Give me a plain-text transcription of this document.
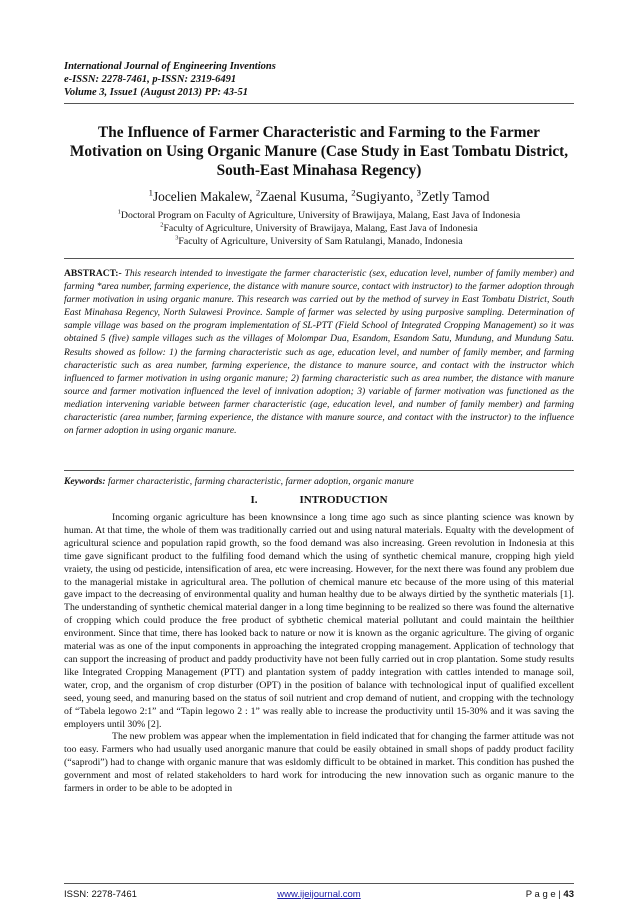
International Journal of Engineering Inventions
e-ISSN: 2278-7461, p-ISSN: 2319-6491
Volume 3, Issue1 (August 2013) PP: 43-51
The Influence of Farmer Characteristic and Farming to the Farmer Motivation on Using Organic Manure (Case Study in East Tombatu District, South-East Minahasa Regency)
$^1$Jocelien Makalew, $^2$Zaenal Kusuma, $^2$Sugiyanto, $^3$Zetly Tamod
$^1$Doctoral Program on Faculty of Agriculture, University of Brawijaya, Malang, East Java of Indonesia
$^2$Faculty of Agriculture, University of Brawijaya, Malang, East Java of Indonesia
$^3$Faculty of Agriculture, University of Sam Ratulangi, Manado, Indonesia
ABSTRACT:- This research intended to investigate the farmer characteristic (sex, education level, number of family member) and farming *area number, farming experience, the distance with manure source, contact with instructor) to the farmer adoption through farmer motivation in using organic manure. This research was carried out by the method of survey in East Tombatu District, South East Minahasa Regency, North Sulawesi Province. Sample of farmer was selected by using purposive sampling. Determination of sample village was based on the program implementation of SL-PTT (Field School of Integrated Cropping Management) so it was obtained 5 (five) sample villages such as the villages of Molompar Dua, Esandom, Esandom Satu, Mundung, and Mundung Satu. Results showed as follow: 1) the farming characteristic such as age, education level, and number of family member, and farming characteristic such as area number, farming experience, the distance to manure source, and contact with the instructor which influenced to farmer motivation in using organic manure; 2) farming characteristic such as area number, the distance with manure source and farmer motivation influenced the level of innivation adoption; 3) variable of farmer motivation was functioned as the mediation intervening variable between farmer characteristic (age, education level, and number of family member) and farming characteristic (area number, farming experience, the distance with manure source, and contact with the instructor) to the influence on farmer adoption in using organic manure.
Keywords: farmer characteristic, farming characteristic, farmer adoption, organic manure
I.	INTRODUCTION

Incoming organic agriculture has been knownsince a long time ago such as since planting science was known by human. At that time, the whole of them was traditionally carried out and using natural materials. Equalty with the development of agricultural science and population rapid growth, so the food demand was also increasing. Green revolution in Indonesia at this time gave significant product to the fulfiling food demand which the using of synthetic chemical manure, cropping high yield vraiety, the using od pesticide, intensification of area, etc were increasing. However, for the next there was found any problem due to the managerial mistake in agricultural area. The pollution of chemical manure etc because of the more using of this material gave impact to the decreasing of environmental quality and human healthy due to be always dirtied by the synthetic materials [1]. The understanding of synthetic chemical material danger in a long time beginning to be realized so there was found the alternative of cropping which could produce the free product of sybthetic chemical material pollutant and could maintain the heilthier environment. Since that time, there has looked back to nature or now it is known as the organic agriculture. The giving of organic material was as one of the input components in approaching the integrated cropping management. Application of technology that can support the increasing of product and paddy productivity have not been fully carried out in crop plantation. Some study results like Integrated Cropping Management (PTT) and plantation system of paddy integration with cattles intended to manage soil, water, crop, and the organism of crop disturber (OPT) in the position of balance with technological input of qualified excellent seed, young seed, and manuring based on the status of soil nutrient and crop demand of nutient, and cropping with the technology of “Tabela legowo 2:1” and “Tapin legowo 2 : 1” was really able to increase the productivity until 15-30% and it was saving the employers until 30% [2].

The new problem was appear when the implementation in field indicated that for changing the farmer attitude was not too easy. Farmers who had usually used anorganic manure that could be easily obtained in small shops of paddy product facility (“saprodi”) had to change with organic manure that was esldomly difficult to be obtained in market. This condition has pushed the government and most of related stakeholders to hard work for introducing the new innovation such as organic manure to the farmers in order to be able to be adopted in

ISSN: 2278-7461	www.ijeijournal.com	P a g e | 43
